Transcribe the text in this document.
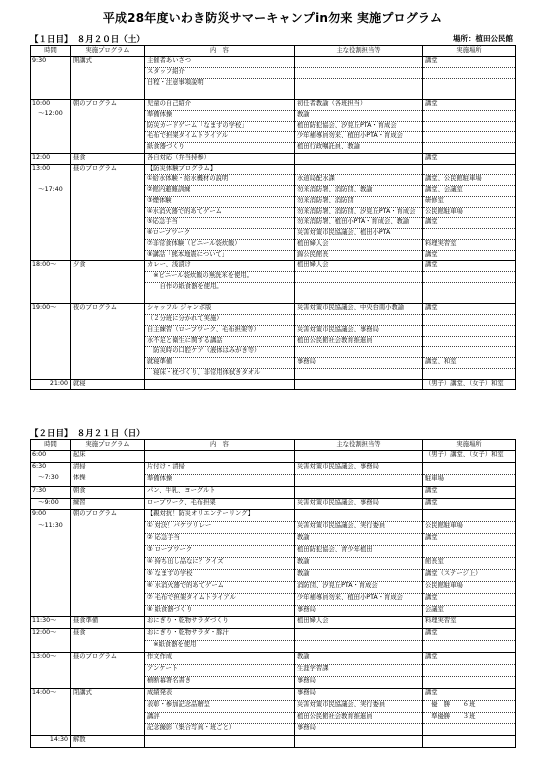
平成28年度いわき防災サマーキャンプin勿来 実施プログラム
【１日目】　８月２０日（土）	場所：植田公民館
時間	実施プログラム	内　容	主な役割担当等	実施場所
9:30	開講式	主催者あいさつ		講堂
		スタッフ紹介		
		日程・注意事項説明		

10:00	朝のプログラム	児童の自己紹介	初任者教諭（各班担当）	講堂
　～12:00		準備体操	教諭	
		防災カードゲーム「なまずの学校」	植田防犯協会、汐見丘PTA・育成会	
		毛布で担架タイムトライアル	少年補導員勿来、植田小PTA・育成会	
		紙食器づくり	植田行政嘱託員、教諭	
12:00	昼食	各自対応（弁当持参）		講堂
13:00	昼のプログラム	【防災体験プログラム】		
		①給水体験・給水機材の説明	水道局配水課	講堂、公民館駐車場
　～17:40		②館内避難訓練	勿来消防署、消防団、教諭	講堂、会議室
		③煙体験	勿来消防署、消防団	研修室
		④水消火器で的あてゲーム	勿来消防署、消防団、汐見丘PTA・育成会	公民館駐車場
		⑤応急手当	勿来消防署、植田小PTA・育成会、教諭	講堂
		⑥ロープワーク	災害対策市民協議会、植田小PTA	
		⑦非常食体験（ビニール袋炊飯）	植田婦人会	料理実習室
		⑧講話「熊本地震について」	錦公民館長	講堂
18:00～	夕食	カレー、浅漬け	植田婦人会	講堂
		　※ビニール袋炊飯の無洗米を使用。		
		　　自作の紙食器を使用。		

19:00～	夜のプログラム	シャッフル ジャンボ版	災害対策市民協議会、中央台南小教諭	講堂
		（２分班に分かれて実施）		
		自主練習（ロープワーク、毛布担架等）	災害対策市民協議会、事務局	
		水不足と衛生に関する講話	植田公民館社会教育推進員	
		　防災時の口腔ケア（液体はみがき等）		
		就寝準備	事務局	講堂、和室
		　寝床・枕づくり、非常用体拭きタオル		
21:00	就寝			（男子）講堂、（女子）和室
【２日目】　８月２１日（日）
時間	実施プログラム	内　容	主な役割担当等	実施場所
6:00	起床			（男子）講堂、（女子）和室
6:30	清掃	片付け・清掃	災害対策市民協議会、事務局	
　～7:30	体操	準備体操		駐車場
7:30	朝食	パン、牛乳、ヨーグルト		講堂
　～9:00	練習	ロープワーク、毛布担架	災害対策市民協議会、事務局	講堂
9:00	朝のプログラム	【親対抗！防災オリエンテーリング】		
　～11:30		① 対決！バケツリレー	災害対策市民協議会、実行委員	公民館駐車場
		② 応急手当	教諭	講堂
		③ ロープワーク	植田防犯協会、青少年植田	
		④ 持ち出し品なに？クイズ	教諭	館長室
		⑤ なまずの学校	教諭	講堂（ステージ上）
		⑥ 水消火器で的あてゲーム	消防団、汐見丘PTA・育成会	公民館駐車場
		⑦ 毛布で担架タイムトライアル	少年補導員勿来、植田小PTA・育成会	講堂
		⑧ 紙食器づくり	事務局	会議室
11:30～	昼食準備	おにぎり・乾物サラダづくり	植田婦人会	料理実習室
12:00～	昼食	おにぎり・乾物サラダ・豚汁		講堂
		　※紙食器を使用		
13:00～	昼のプログラム	作文作成	教諭	講堂
		アンケート	生涯学習課	
		横断幕署名書き	事務局	
14:00～	閉講式	成績発表	事務局	講堂
		表彰・参加記念品贈呈	災害対策市民協議会、実行委員	　優　勝　　６班
		講評	植田公民館社会教育推進員	　準優勝　　３班
		記念撮影（集合写真・班ごと）	事務局	
14:30	解散			
